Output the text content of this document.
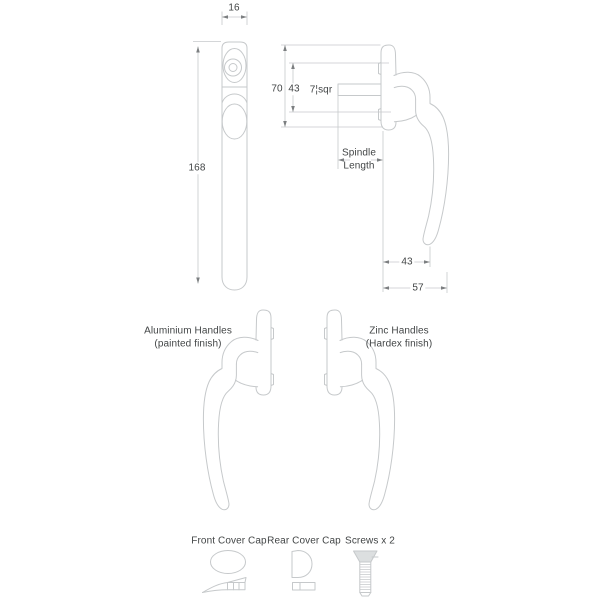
16
168
70 43 7¦sqr
Spindle
Length
43
57
Aluminium Handles
(painted finish)
Zinc Handles
(Hardex finish)
Front Cover Cap Rear Cover Cap Screws x 2
